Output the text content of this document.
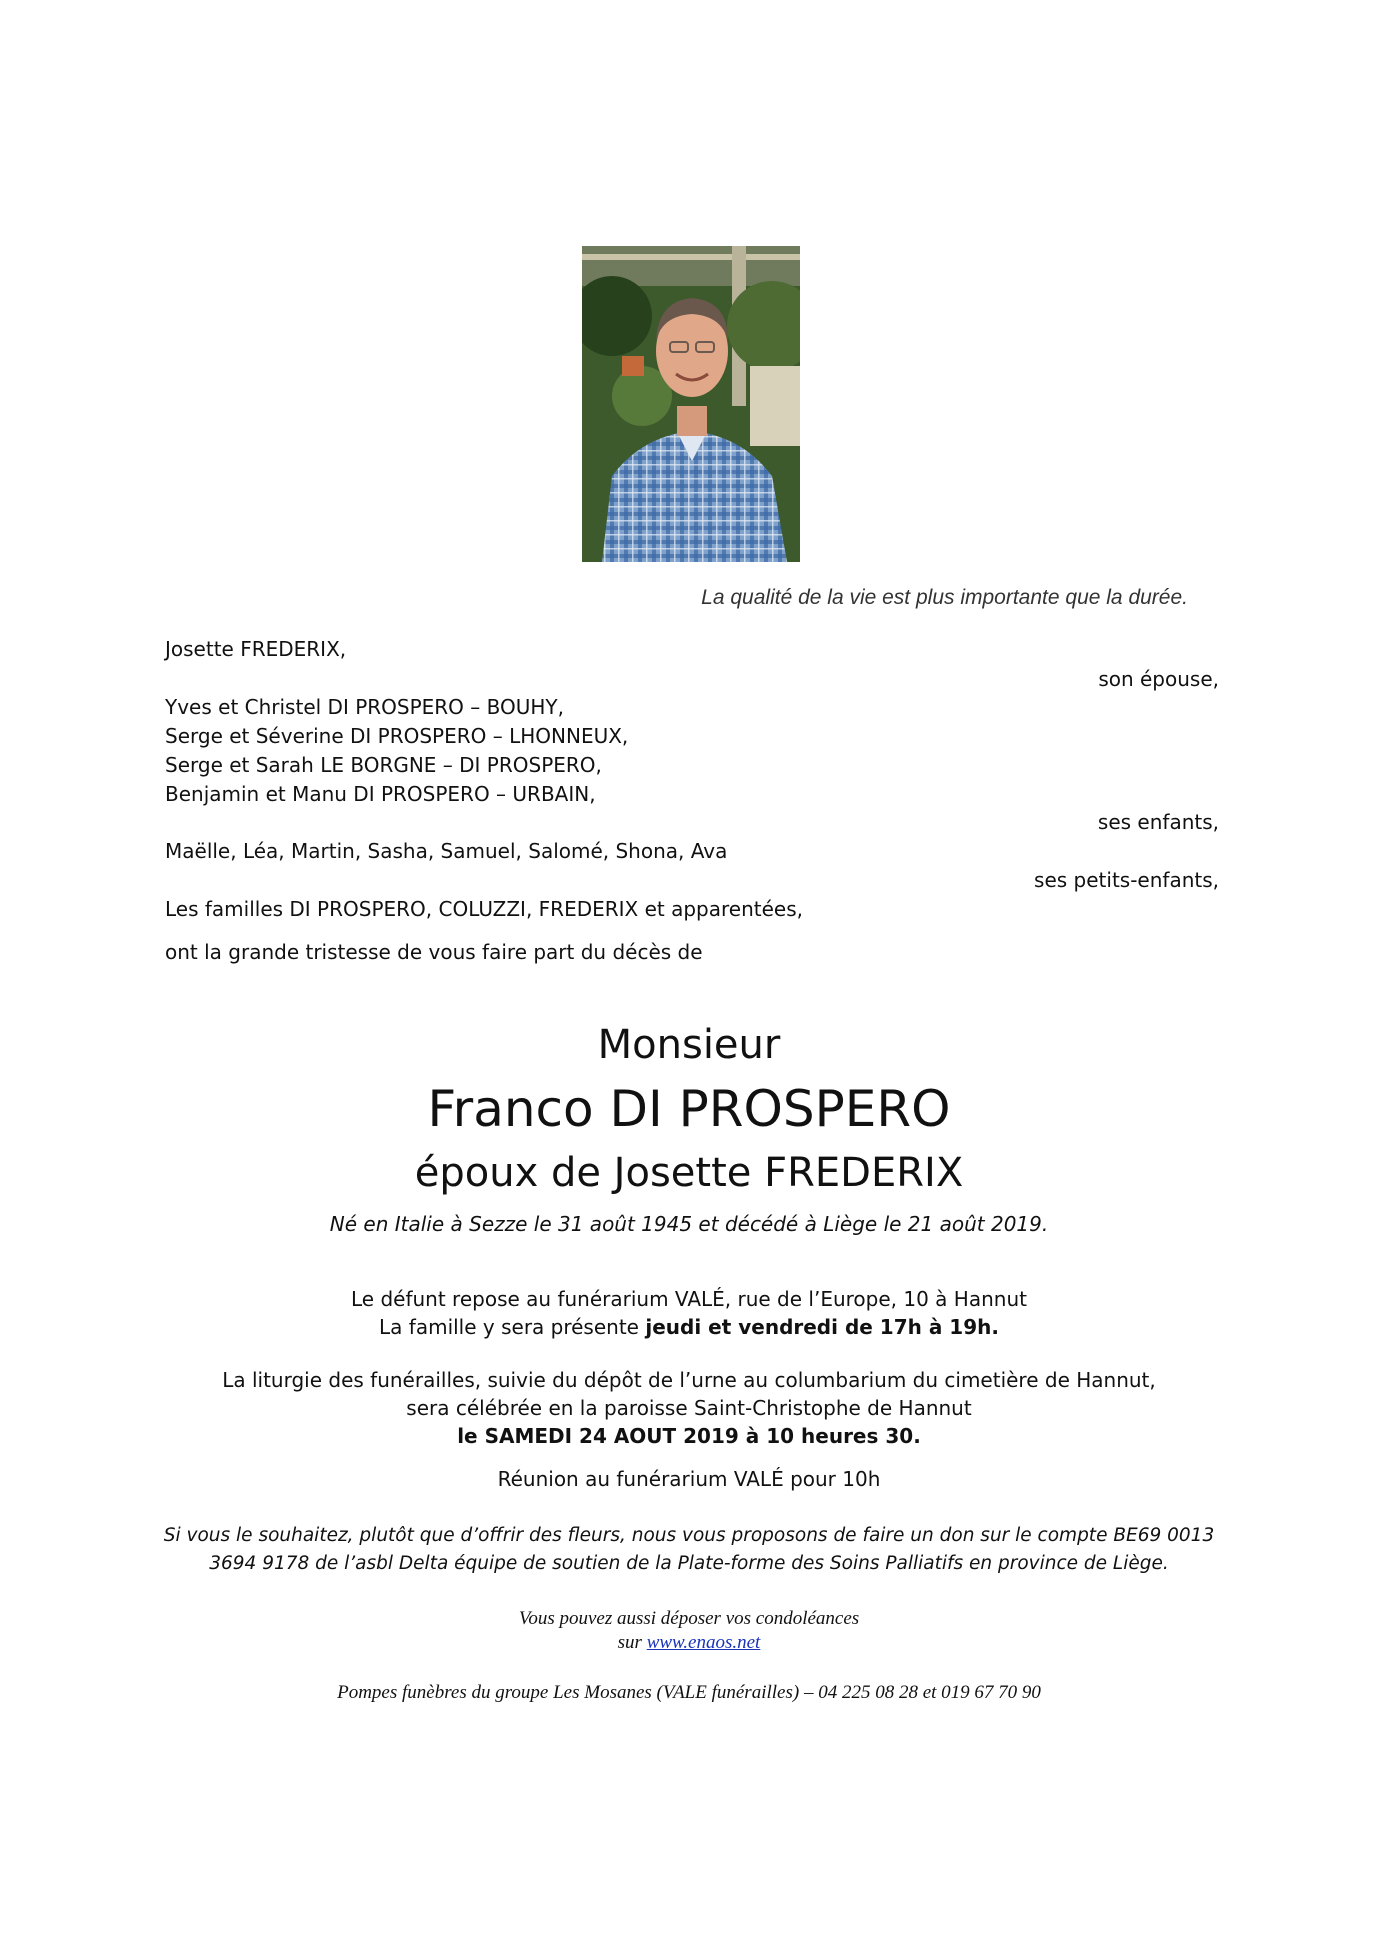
La qualité de la vie est plus importante que la durée.
Josette FREDERIX,
son épouse,
Yves et Christel DI PROSPERO – BOUHY,
Serge et Séverine DI PROSPERO – LHONNEUX,
Serge et Sarah LE BORGNE – DI PROSPERO,
Benjamin et Manu DI PROSPERO – URBAIN,
ses enfants,
Maëlle, Léa, Martin, Sasha, Samuel, Salomé, Shona, Ava
ses petits-enfants,
Les familles DI PROSPERO, COLUZZI, FREDERIX et apparentées,
ont la grande tristesse de vous faire part du décès de
Monsieur
Franco DI PROSPERO
époux de Josette FREDERIX
Né en Italie à Sezze le 31 août 1945 et décédé à Liège le 21 août 2019.
Le défunt repose au funérarium VALÉ, rue de l’Europe, 10 à Hannut
La famille y sera présente jeudi et vendredi de 17h à 19h.
La liturgie des funérailles, suivie du dépôt de l’urne au columbarium du cimetière de Hannut,
sera célébrée en la paroisse Saint-Christophe de Hannut
le SAMEDI 24 AOUT 2019 à 10 heures 30.
Réunion au funérarium VALÉ pour 10h
Si vous le souhaitez, plutôt que d’offrir des fleurs, nous vous proposons de faire un don sur le compte BE69 0013
3694 9178 de l’asbl Delta équipe de soutien de la Plate-forme des Soins Palliatifs en province de Liège.
Vous pouvez aussi déposer vos condoléances
sur www.enaos.net
Pompes funèbres du groupe Les Mosanes (VALE funérailles) – 04 225 08 28 et 019 67 70 90
